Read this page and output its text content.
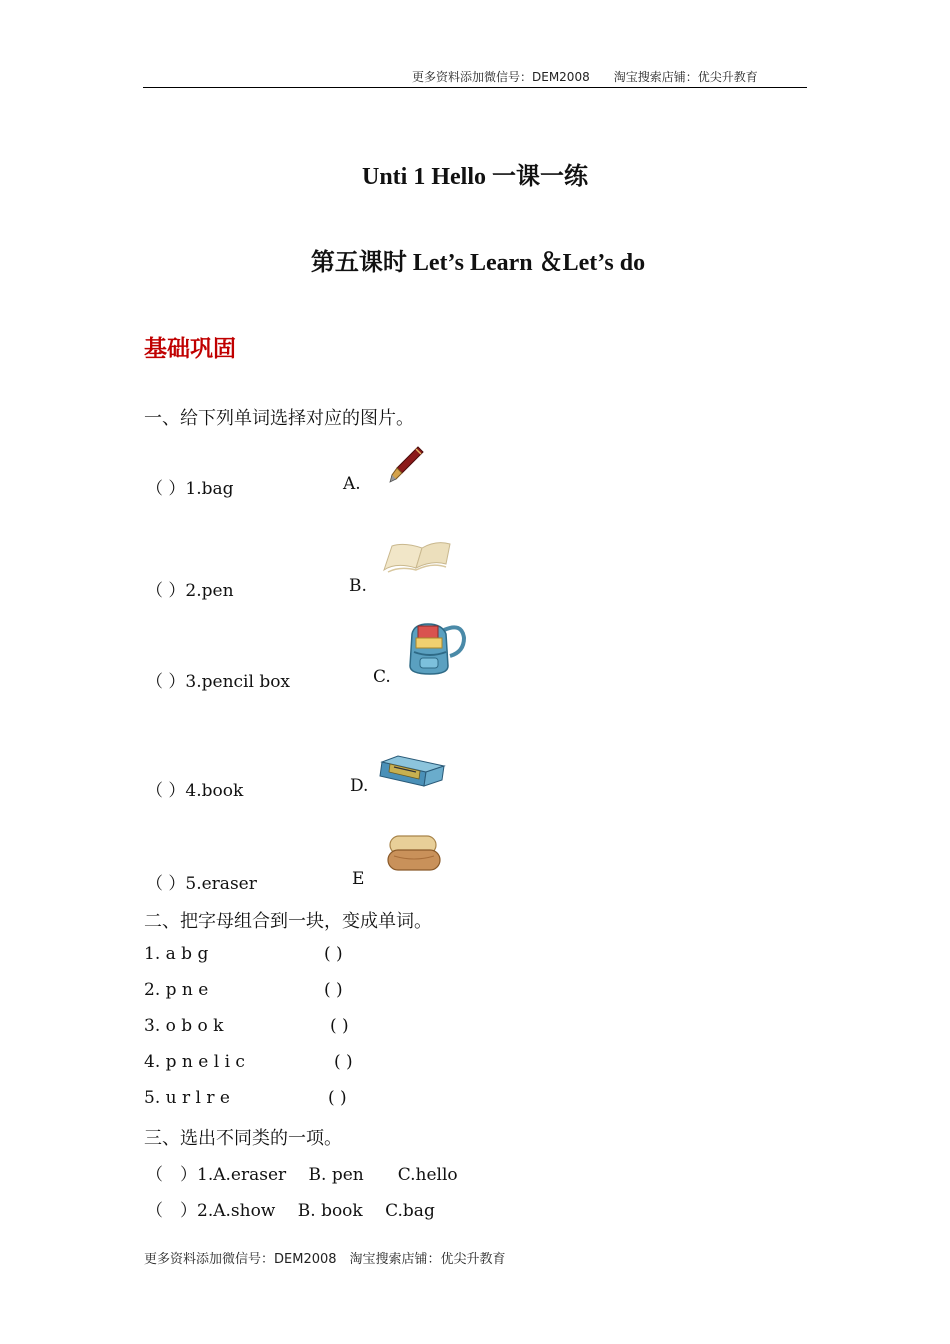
更多资料添加微信号：DEM2008　　淘宝搜索店铺：优尖升教育
Unti 1 Hello 一课一练
第五课时 Let’s Learn ＆Let’s do
基础巩固
一、给下列单词选择对应的图片。
（ ）1.bag	A.
（ ）2.pen	B.
（ ）3.pencil box	C.
（ ）4.book	D.
（ ）5.eraser	E
二、把字母组合到一块，变成单词。
1. a b g	( )
2. p n e	( )
3. o b o k	( )
4. p n e l i c	( )
5. u r l r e	( )
三、选出不同类的一项。
（　）1.A.eraser　 B. pen　　C.hello
（　）2.A.show　 B. book　 C.bag
更多资料添加微信号：DEM2008　淘宝搜索店铺：优尖升教育
